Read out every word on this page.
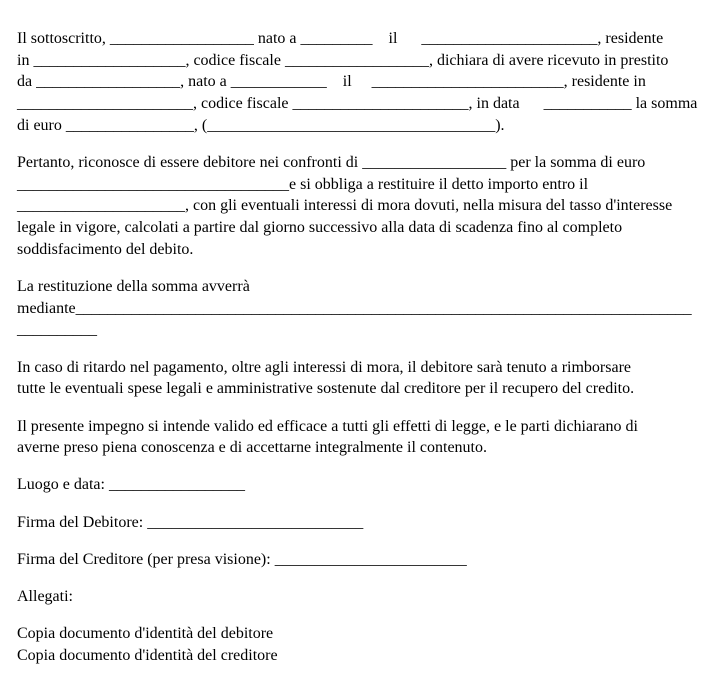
Il sottoscritto, __________________ nato a _________    il      ______________________, residente
in ___________________, codice fiscale __________________, dichiara di avere ricevuto in prestito
da __________________, nato a ____________    il     ________________________, residente in
______________________, codice fiscale ______________________, in data      ___________ la somma
di euro ________________, (____________________________________).
Pertanto, riconosce di essere debitore nei confronti di __________________ per la somma di euro
__________________________________e si obbliga a restituire il detto importo entro il
_____________________, con gli eventuali interessi di mora dovuti, nella misura del tasso d'interesse
legale in vigore, calcolati a partire dal giorno successivo alla data di scadenza fino al completo
soddisfacimento del debito.
La restituzione della somma avverrà
mediante_____________________________________________________________________________
__________
In caso di ritardo nel pagamento, oltre agli interessi di mora, il debitore sarà tenuto a rimborsare
tutte le eventuali spese legali e amministrative sostenute dal creditore per il recupero del credito.
Il presente impegno si intende valido ed efficace a tutti gli effetti di legge, e le parti dichiarano di
averne preso piena conoscenza e di accettarne integralmente il contenuto.
Luogo e data: _________________
Firma del Debitore: ___________________________
Firma del Creditore (per presa visione): ________________________
Allegati:
Copia documento d'identità del debitore
Copia documento d'identità del creditore
